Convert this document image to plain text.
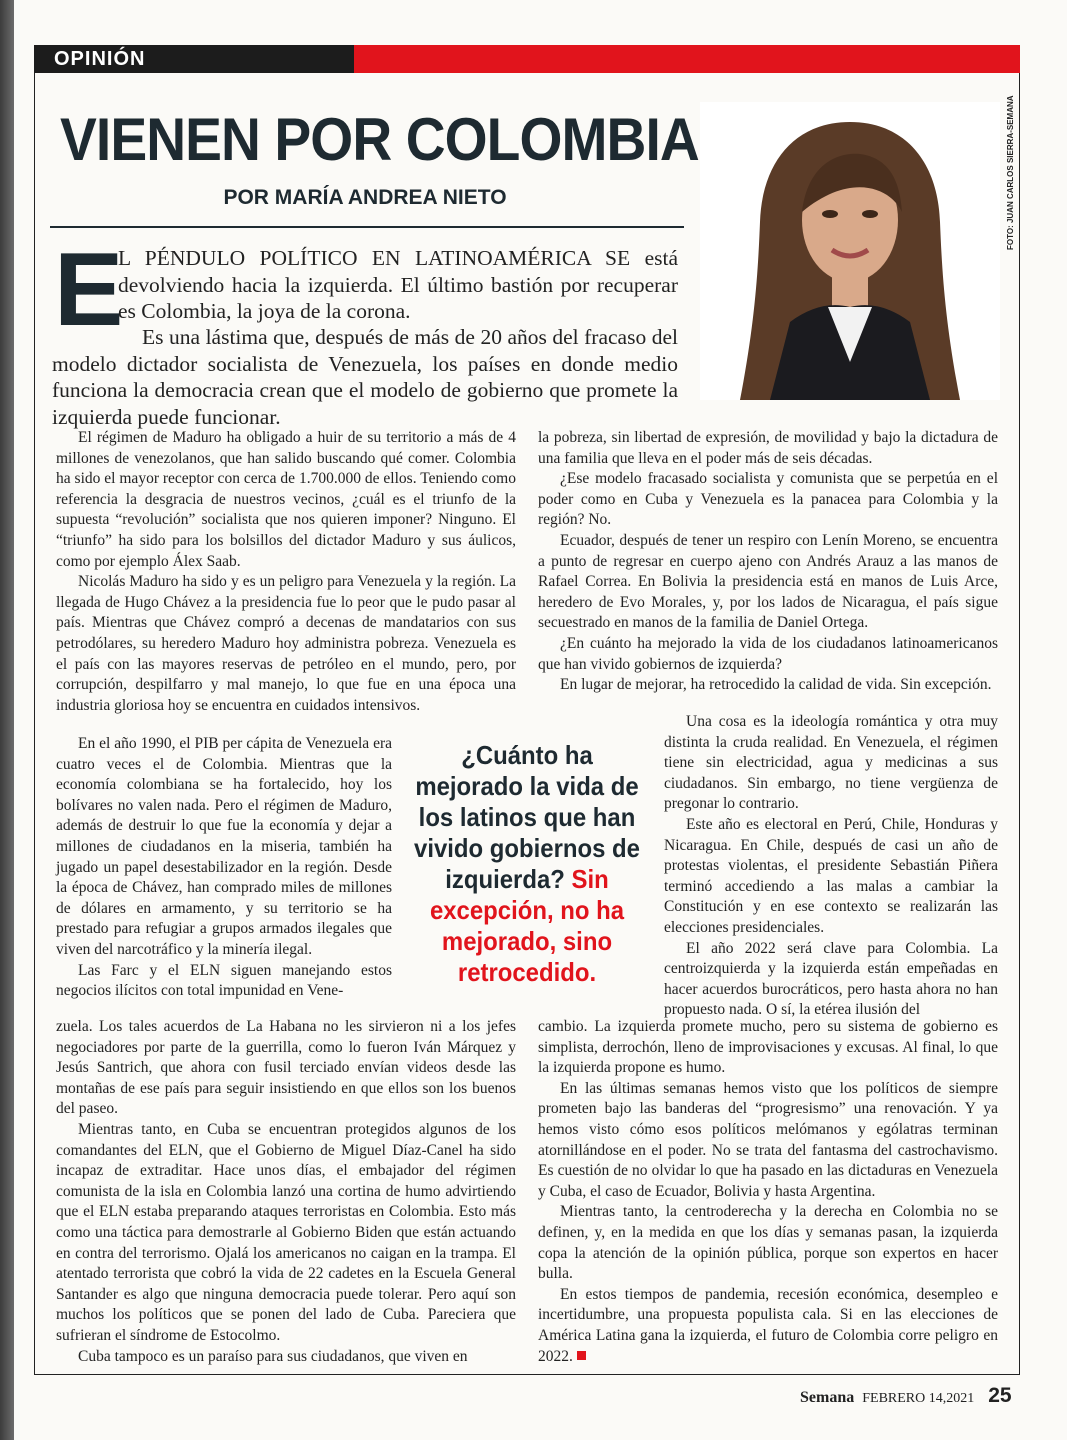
OPINIÓN
VIENEN POR COLOMBIA
POR MARÍA ANDREA NIETO	FOTO: JUAN CARLOS SIERRA-SEMANA
E

L PÉNDULO POLÍTICO EN LATINOAMÉRICA SE está devolviendo hacia la izquierda. El último bastión por recuperar es Colombia, la joya de la corona.

Es una lástima que, después de más de 20 años del fracaso del modelo dictador socialista de Venezuela, los países en donde medio funciona la democracia crean que el modelo de gobierno que promete la izquierda puede funcionar.

El régimen de Maduro ha obligado a huir de su territorio a más de 4 millones de venezolanos, que han salido buscando qué comer. Colombia ha sido el mayor receptor con cerca de 1.700.000 de ellos. Teniendo como referencia la desgracia de nuestros vecinos, ¿cuál es el triunfo de la supuesta “revolución” socialista que nos quieren imponer? Ninguno. El “triunfo” ha sido para los bolsillos del dictador Maduro y sus áulicos, como por ejemplo Álex Saab.

Nicolás Maduro ha sido y es un peligro para Venezuela y la región. La llegada de Hugo Chávez a la presidencia fue lo peor que le pudo pasar al país. Mientras que Chávez compró a decenas de mandatarios con sus petrodólares, su heredero Maduro hoy administra pobreza. Venezuela es el país con las mayores reservas de petróleo en el mundo, pero, por corrupción, despilfarro y mal manejo, lo que fue en una época una industria gloriosa hoy se encuentra en cuidados intensivos.

En el año 1990, el PIB per cápita de Venezuela era cuatro veces el de Colombia. Mientras que la economía colombiana se ha fortalecido, hoy los bolívares no valen nada. Pero el régimen de Maduro, además de destruir lo que fue la economía y dejar a millones de ciudadanos en la miseria, también ha jugado un papel desestabilizador en la región. Desde la época de Chávez, han comprado miles de millones de dólares en armamento, y su territorio se ha prestado para refugiar a grupos armados ilegales que viven del narcotráfico y la minería ilegal.

Las Farc y el ELN siguen manejando estos negocios ilícitos con total impunidad en Vene-

zuela. Los tales acuerdos de La Habana no les sirvieron ni a los jefes negociadores por parte de la guerrilla, como lo fueron Iván Márquez y Jesús Santrich, que ahora con fusil terciado envían videos desde las montañas de ese país para seguir insistiendo en que ellos son los buenos del paseo.

Mientras tanto, en Cuba se encuentran protegidos algunos de los comandantes del ELN, que el Gobierno de Miguel Díaz-Canel ha sido incapaz de extraditar. Hace unos días, el embajador del régimen comunista de la isla en Colombia lanzó una cortina de humo advirtiendo que el ELN estaba preparando ataques terroristas en Colombia. Esto más como una táctica para demostrarle al Gobierno Biden que están actuando en contra del terrorismo. Ojalá los americanos no caigan en la trampa. El atentado terrorista que cobró la vida de 22 cadetes en la Escuela General Santander es algo que ninguna democracia puede tolerar. Pero aquí son muchos los políticos que se ponen del lado de Cuba. Pareciera que sufrieran el síndrome de Estocolmo.

Cuba tampoco es un paraíso para sus ciudadanos, que viven en

la pobreza, sin libertad de expresión, de movilidad y bajo la dictadura de una familia que lleva en el poder más de seis décadas.

¿Ese modelo fracasado socialista y comunista que se perpetúa en el poder como en Cuba y Venezuela es la panacea para Colombia y la región? No.

Ecuador, después de tener un respiro con Lenín Moreno, se encuentra a punto de regresar en cuerpo ajeno con Andrés Arauz a las manos de Rafael Correa. En Bolivia la presidencia está en manos de Luis Arce, heredero de Evo Morales, y, por los lados de Nicaragua, el país sigue secuestrado en manos de la familia de Daniel Ortega.

¿En cuánto ha mejorado la vida de los ciudadanos latinoamericanos que han vivido gobiernos de izquierda?

En lugar de mejorar, ha retrocedido la calidad de vida. Sin excepción.

Una cosa es la ideología romántica y otra muy distinta la cruda realidad. En Venezuela, el régimen tiene sin electricidad, agua y medicinas a sus ciudadanos. Sin embargo, no tiene vergüenza de pregonar lo contrario.

Este año es electoral en Perú, Chile, Honduras y Nicaragua. En Chile, después de casi un año de protestas violentas, el presidente Sebastián Piñera terminó accediendo a las malas a cambiar la Constitución y en ese contexto se realizarán las elecciones presidenciales.

El año 2022 será clave para Colombia. La centroizquierda y la izquierda están empeñadas en hacer acuerdos burocráticos, pero hasta ahora no han propuesto nada. O sí, la etérea ilusión del

cambio. La izquierda promete mucho, pero su sistema de gobierno es simplista, derrochón, lleno de improvisaciones y excusas. Al final, lo que la izquierda propone es humo.

En las últimas semanas hemos visto que los políticos de siempre prometen bajo las banderas del “progresismo” una renovación. Y ya hemos visto cómo esos políticos melómanos y ególatras terminan atornillándose en el poder. No se trata del fantasma del castrochavismo. Es cuestión de no olvidar lo que ha pasado en las dictaduras en Venezuela y Cuba, el caso de Ecuador, Bolivia y hasta Argentina.

Mientras tanto, la centroderecha y la derecha en Colombia no se definen, y, en la medida en que los días y semanas pasan, la izquierda copa la atención de la opinión pública, porque son expertos en hacer bulla.

En estos tiempos de pandemia, recesión económica, desempleo e incertidumbre, una propuesta populista cala. Si en las elecciones de América Latina gana la izquierda, el futuro de Colombia corre peligro en 2022.

¿Cuánto ha mejorado la vida de los latinos que han vivido gobiernos de izquierda? Sin excepción, no ha mejorado, sino retrocedido.
Semana FEBRERO 14,2021 25
